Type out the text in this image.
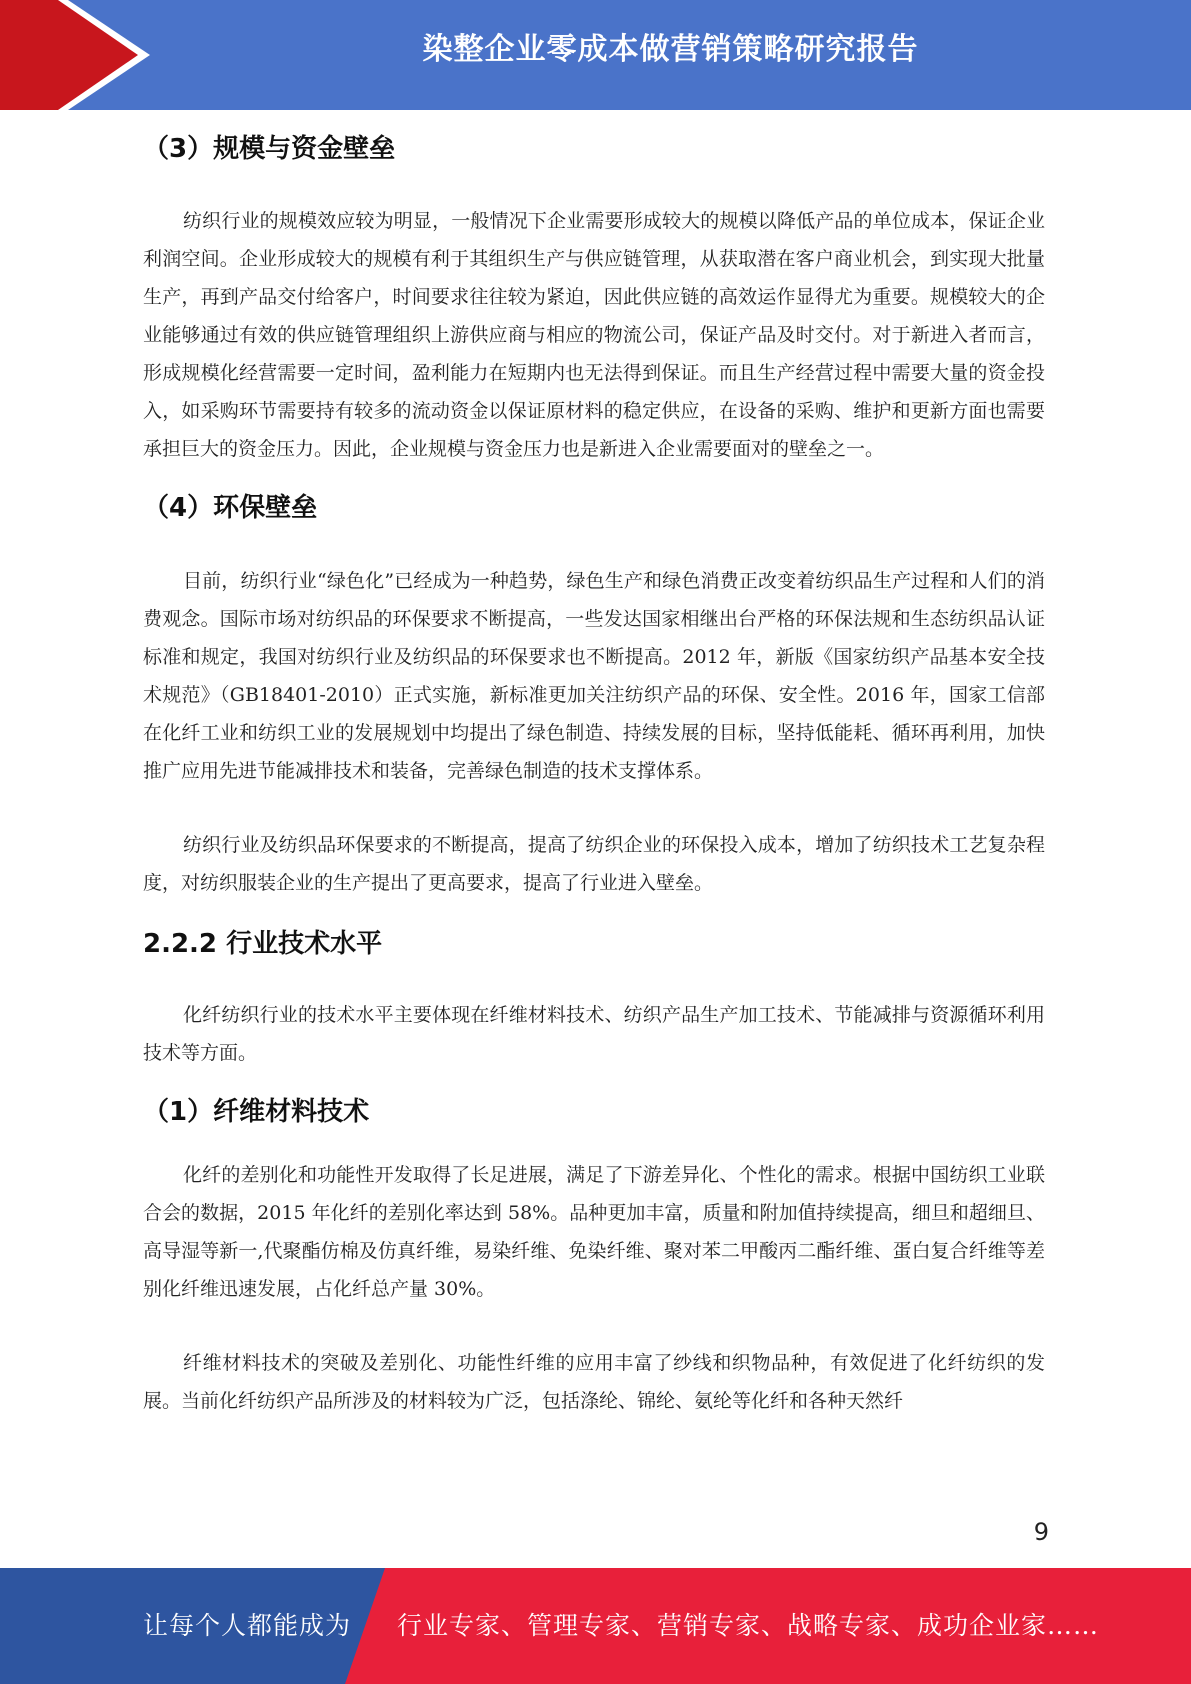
染整企业零成本做营销策略研究报告
（3）规模与资金壁垒

纺织行业的规模效应较为明显，一般情况下企业需要形成较大的规模以降低产品的单位成本，保证企业利润空间。企业形成较大的规模有利于其组织生产与供应链管理，从获取潜在客户商业机会，到实现大批量生产，再到产品交付给客户，时间要求往往较为紧迫，因此供应链的高效运作显得尤为重要。规模较大的企业能够通过有效的供应链管理组织上游供应商与相应的物流公司，保证产品及时交付。对于新进入者而言，形成规模化经营需要一定时间，盈利能力在短期内也无法得到保证。而且生产经营过程中需要大量的资金投入，如采购环节需要持有较多的流动资金以保证原材料的稳定供应，在设备的采购、维护和更新方面也需要承担巨大的资金压力。因此，企业规模与资金压力也是新进入企业需要面对的壁垒之一。

（4）环保壁垒

目前，纺织行业“绿色化”已经成为一种趋势，绿色生产和绿色消费正改变着纺织品生产过程和人们的消费观念。国际市场对纺织品的环保要求不断提高，一些发达国家相继出台严格的环保法规和生态纺织品认证标准和规定，我国对纺织行业及纺织品的环保要求也不断提高。2012 年，新版《国家纺织产品基本安全技术规范》（GB18401-2010）正式实施，新标准更加关注纺织产品的环保、安全性。2016 年，国家工信部在化纤工业和纺织工业的发展规划中均提出了绿色制造、持续发展的目标，坚持低能耗、循环再利用，加快推广应用先进节能减排技术和装备，完善绿色制造的技术支撑体系。

纺织行业及纺织品环保要求的不断提高，提高了纺织企业的环保投入成本，增加了纺织技术工艺复杂程度，对纺织服装企业的生产提出了更高要求，提高了行业进入壁垒。

2.2.2 行业技术水平

化纤纺织行业的技术水平主要体现在纤维材料技术、纺织产品生产加工技术、节能减排与资源循环利用技术等方面。

（1）纤维材料技术

化纤的差别化和功能性开发取得了长足进展，满足了下游差异化、个性化的需求。根据中国纺织工业联合会的数据，2015 年化纤的差别化率达到 58%。品种更加丰富，质量和附加值持续提高，细旦和超细旦、高导湿等新一,代聚酯仿棉及仿真纤维，易染纤维、免染纤维、聚对苯二甲酸丙二酯纤维、蛋白复合纤维等差别化纤维迅速发展，占化纤总产量 30%。

纤维材料技术的突破及差别化、功能性纤维的应用丰富了纱线和织物品种，有效促进了化纤纺织的发展。当前化纤纺织产品所涉及的材料较为广泛，包括涤纶、锦纶、氨纶等化纤和各种天然纤

9
让每个人都能成为 行业专家、管理专家、营销专家、战略专家、成功企业家……
